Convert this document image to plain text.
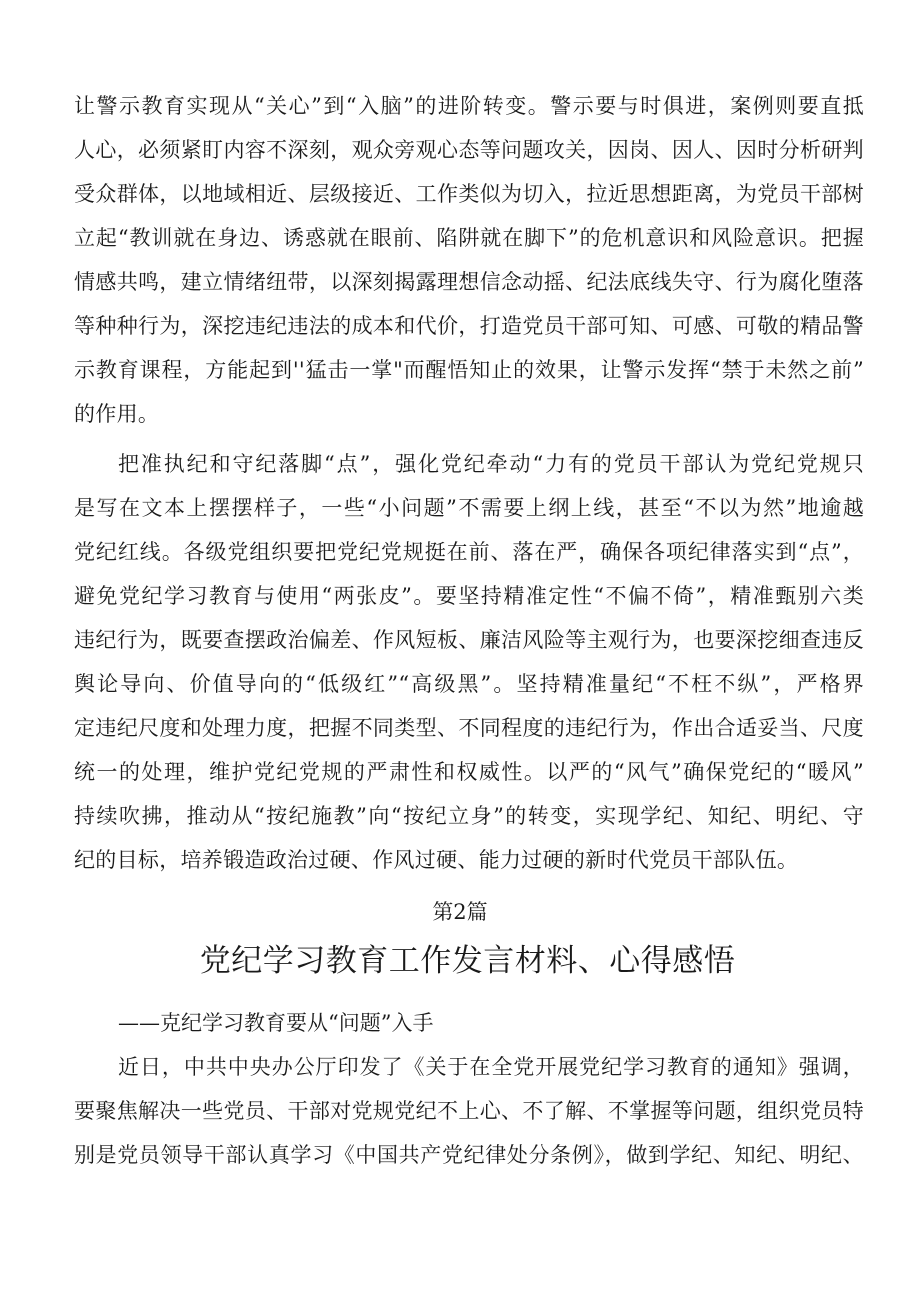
让警示教育实现从“关心”到“入脑”的进阶转变。警示要与时俱进，案例则要直抵
人心，必须紧盯内容不深刻，观众旁观心态等问题攻关，因岗、因人、因时分析研判
受众群体，以地域相近、层级接近、工作类似为切入，拉近思想距离，为党员干部树
立起“教训就在身边、诱惑就在眼前、陷阱就在脚下”的危机意识和风险意识。把握
情感共鸣，建立情绪纽带，以深刻揭露理想信念动摇、纪法底线失守、行为腐化堕落
等种种行为，深挖违纪违法的成本和代价，打造党员干部可知、可感、可敬的精品警
示教育课程，方能起到''猛击一掌"而醒悟知止的效果，让警示发挥“禁于未然之前”
的作用。
把准执纪和守纪落脚“点”，强化党纪牵动“力有的党员干部认为党纪党规只
是写在文本上摆摆样子，一些“小问题”不需要上纲上线，甚至“不以为然”地逾越
党纪红线。各级党组织要把党纪党规挺在前、落在严，确保各项纪律落实到“点”，
避免党纪学习教育与使用“两张皮”。要坚持精准定性“不偏不倚”，精准甄别六类
违纪行为，既要查摆政治偏差、作风短板、廉洁风险等主观行为，也要深挖细查违反
舆论导向、价值导向的“低级红”“高级黑”。坚持精准量纪“不枉不纵”，严格界
定违纪尺度和处理力度，把握不同类型、不同程度的违纪行为，作出合适妥当、尺度
统一的处理，维护党纪党规的严肃性和权威性。以严的“风气”确保党纪的“暖风”
持续吹拂，推动从“按纪施教”向“按纪立身”的转变，实现学纪、知纪、明纪、守
纪的目标，培养锻造政治过硬、作风过硬、能力过硬的新时代党员干部队伍。
第2篇
党纪学习教育工作发言材料、心得感悟
——克纪学习教育要从“问题”入手
近日，中共中央办公厅印发了《关于在全党开展党纪学习教育的通知》强调，
要聚焦解决一些党员、干部对党规党纪不上心、不了解、不掌握等问题，组织党员特
别是党员领导干部认真学习《中国共产党纪律处分条例》，做到学纪、知纪、明纪、
